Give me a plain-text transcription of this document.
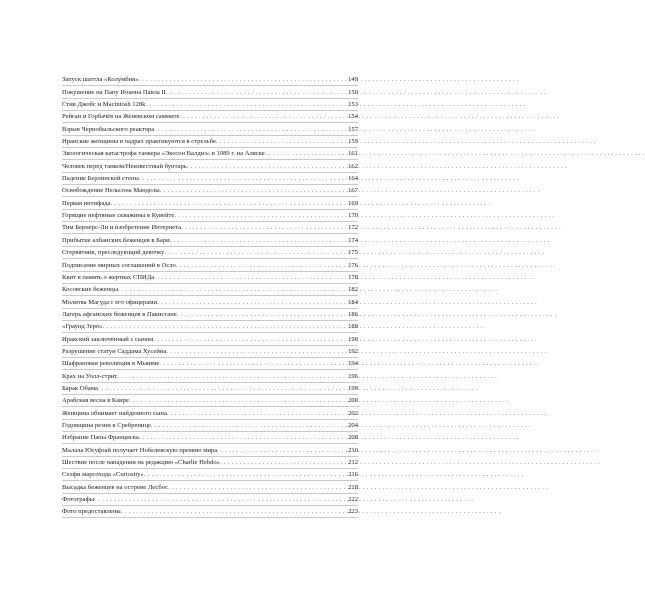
Запуск шаттла «Колумбия» . . .	149
Покушение на Папу Иоанна Павла II . . .	150
Стив Джобс и Macintosh 128k . . .	153
Рейган и Горбачёв на Женевском саммите . . .	154
Взрыв Чернобыльского реактора . . .	157
Иранские женщины в чадрах практикуются в стрельбе . . .	159
Экологическая катастрофа танкера «Экссон Валдиз» в 1989 г. на Аляске . . .	161
Человек перед танком/Неизвестный бунтарь . . .	162
Падение Берлинской стены . . .	164
Освобождение Нельсона Манделы . . .	167
Первая интифада . . .	169
Горящие нефтяные скважины в Кувейте . . .	170
Тим Бернерс-Ли и изобретение Интернета . . .	172
Прибытие албанских беженцев в Бари . . .	174
Стервятник, преследующий девочку . . .	175
Подписание мирных соглашений в Осло . . .	176
Квит в память о жертвах СПИДа . . .	178
Косовские беженцы . . .	182
Молитва Магуда с его офицерами . . .	184
Лагерь афганских беженцев в Пакистане . . .	186
«Граунд Зеро» . . .	188
Иракский заключённый с сыном . . .	190
Разрушение статуи Саддама Хусейна . . .	192
Шафрановая революция в Мьянме . . .	194
Крах на Уолл-стрит . . .	196
Барак Обама . . .	199
Арабская весна в Каире . . .	200
Женщина обнимает найденного сына . . .	202
Годовщина резни в Сребренице . . .	204
Избрание Папы Франциска . . .	208
Малала Юсуфзай получает Нобелевскую премию мира . . .	210
Шествие после нападения на редакцию «Charlie Hebdo» . . .	212
Селфи марсохода «Curiosity» . . .	216
Высадка беженцев на острове Лесбос . . .	218
Фотографы . . .	222
Фото предоставлены . . .	223
